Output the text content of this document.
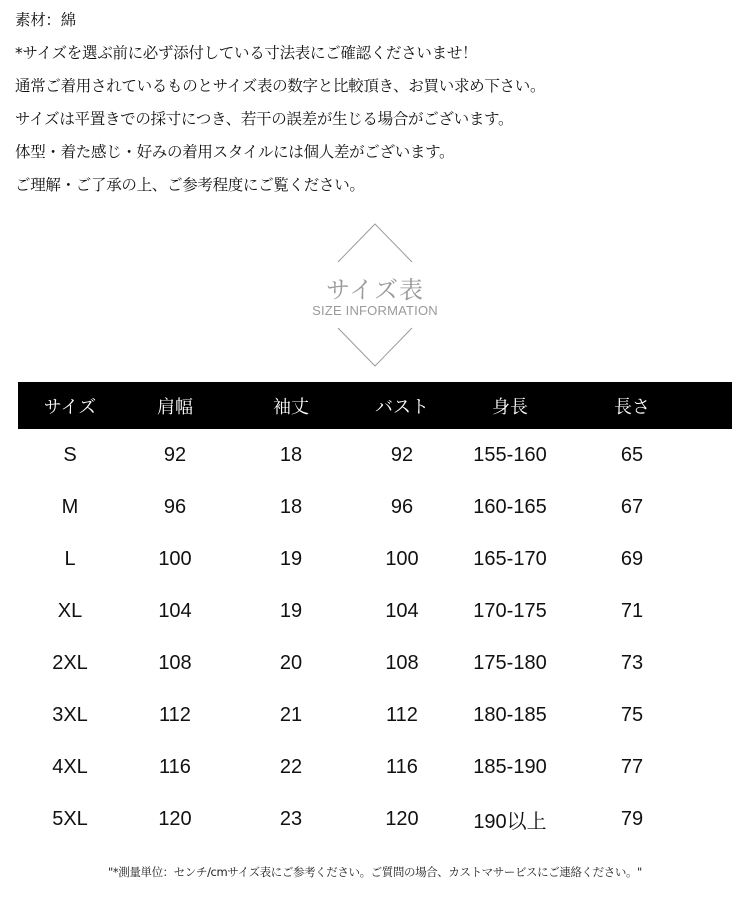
素材：綿
*サイズを選ぶ前に必ず添付している寸法表にご確認くださいませ！
通常ご着用されているものとサイズ表の数字と比較頂き、お買い求め下さい。
サイズは平置きでの採寸につき、若干の誤差が生じる場合がございます。
体型・着た感じ・好みの着用スタイルには個人差がございます。
ご理解・ご了承の上、ご参考程度にご覧ください。
サイズ表
SIZE INFORMATION
サイズ	肩幅	袖丈	バスト	身長	長さ
S	92	18	92	155-160	65
M	96	18	96	160-165	67
L	100	19	100	165-170	69
XL	104	19	104	170-175	71
2XL	108	20	108	175-180	73
3XL	112	21	112	180-185	75
4XL	116	22	116	185-190	77
5XL	120	23	120	190以上	79
"*測量単位：センチ/cmサイズ表にご参考ください。ご質問の場合、カストマサービスにご連絡ください。"
